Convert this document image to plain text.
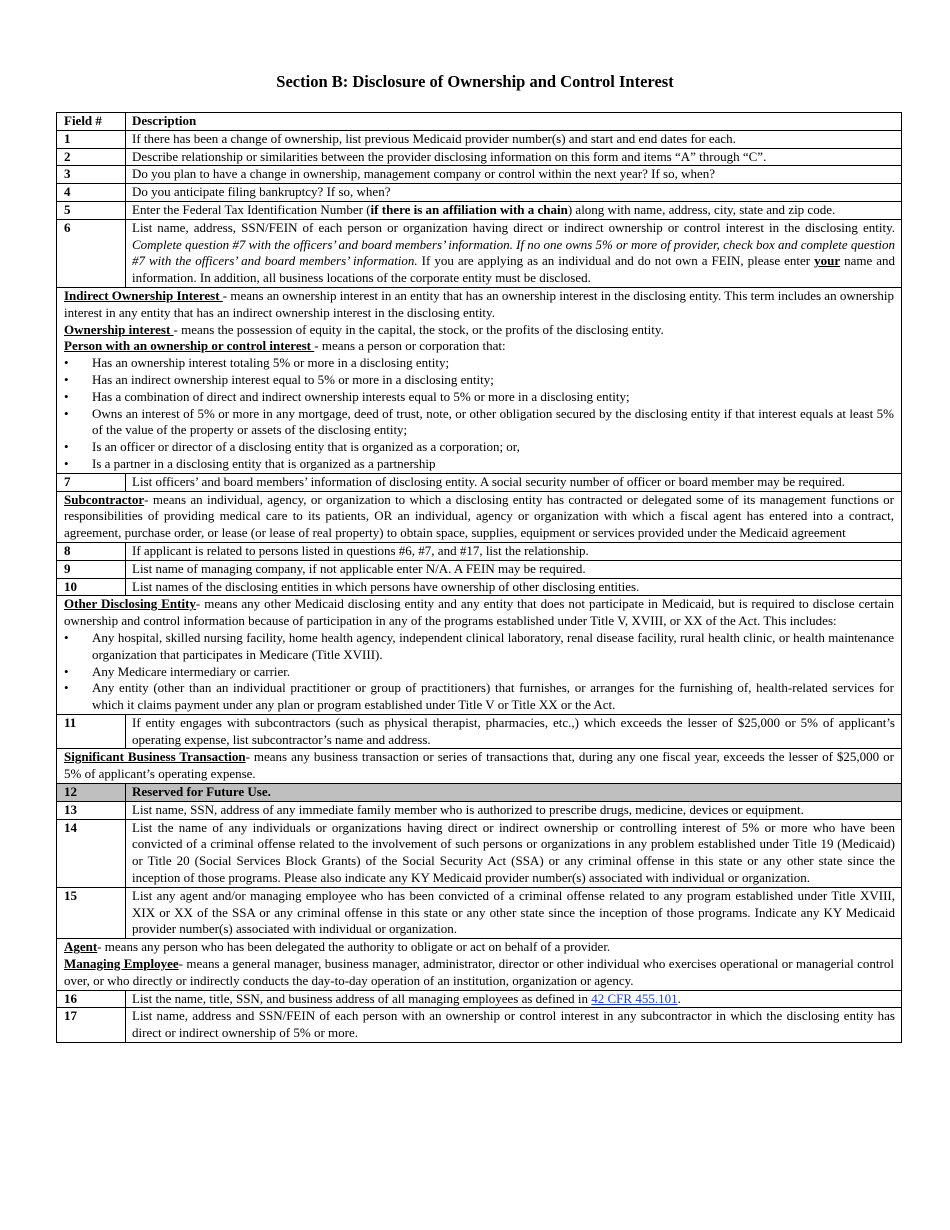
Section B: Disclosure of Ownership and Control Interest
Field #	Description
1	If there has been a change of ownership, list previous Medicaid provider number(s) and start and end dates for each.
2	Describe relationship or similarities between the provider disclosing information on this form and items “A” through “C”.
3	Do you plan to have a change in ownership, management company or control within the next year? If so, when?
4	Do you anticipate filing bankruptcy? If so, when?
5	Enter the Federal Tax Identification Number (if there is an affiliation with a chain) along with name, address, city, state and zip code.
6	List name, address, SSN/FEIN of each person or organization having direct or indirect ownership or control interest in the disclosing entity. Complete question #7 with the officers’ and board members’ information. If no one owns 5% or more of provider, check box and complete question #7 with the officers’ and board members’ information. If you are applying as an individual and do not own a FEIN, please enter your name and information. In addition, all business locations of the corporate entity must be disclosed.
Indirect Ownership Interest - means an ownership interest in an entity that has an ownership interest in the disclosing entity. This term includes an ownership interest in any entity that has an indirect ownership interest in the disclosing entity.
Ownership interest - means the possession of equity in the capital, the stock, or the profits of the disclosing entity.
Person with an ownership or control interest - means a person or corporation that:
•	Has an ownership interest totaling 5% or more in a disclosing entity;
•	Has an indirect ownership interest equal to 5% or more in a disclosing entity;
•	Has a combination of direct and indirect ownership interests equal to 5% or more in a disclosing entity;
•	Owns an interest of 5% or more in any mortgage, deed of trust, note, or other obligation secured by the disclosing entity if that interest equals at least 5% of the value of the property or assets of the disclosing entity;
•	Is an officer or director of a disclosing entity that is organized as a corporation; or,
•	Is a partner in a disclosing entity that is organized as a partnership
7	List officers’ and board members’ information of disclosing entity. A social security number of officer or board member may be required.
Subcontractor- means an individual, agency, or organization to which a disclosing entity has contracted or delegated some of its management functions or responsibilities of providing medical care to its patients, OR an individual, agency or organization with which a fiscal agent has entered into a contract, agreement, purchase order, or lease (or lease of real property) to obtain space, supplies, equipment or services provided under the Medicaid agreement
8	If applicant is related to persons listed in questions #6, #7, and #17, list the relationship.
9	List name of managing company, if not applicable enter N/A. A FEIN may be required.
10	List names of the disclosing entities in which persons have ownership of other disclosing entities.
Other Disclosing Entity- means any other Medicaid disclosing entity and any entity that does not participate in Medicaid, but is required to disclose certain ownership and control information because of participation in any of the programs established under Title V, XVIII, or XX of the Act. This includes:
•	Any hospital, skilled nursing facility, home health agency, independent clinical laboratory, renal disease facility, rural health clinic, or health maintenance organization that participates in Medicare (Title XVIII).
•	Any Medicare intermediary or carrier.
•	Any entity (other than an individual practitioner or group of practitioners) that furnishes, or arranges for the furnishing of, health-related services for which it claims payment under any plan or program established under Title V or Title XX or the Act.
11	If entity engages with subcontractors (such as physical therapist, pharmacies, etc.,) which exceeds the lesser of $25,000 or 5% of applicant’s operating expense, list subcontractor’s name and address.
Significant Business Transaction- means any business transaction or series of transactions that, during any one fiscal year, exceeds the lesser of $25,000 or 5% of applicant’s operating expense.
12	Reserved for Future Use.
13	List name, SSN, address of any immediate family member who is authorized to prescribe drugs, medicine, devices or equipment.
14	List the name of any individuals or organizations having direct or indirect ownership or controlling interest of 5% or more who have been convicted of a criminal offense related to the involvement of such persons or organizations in any problem established under Title 19 (Medicaid) or Title 20 (Social Services Block Grants) of the Social Security Act (SSA) or any criminal offense in this state or any other state since the inception of those programs. Please also indicate any KY Medicaid provider number(s) associated with individual or organization.
15	List any agent and/or managing employee who has been convicted of a criminal offense related to any program established under Title XVIII, XIX or XX of the SSA or any criminal offense in this state or any other state since the inception of those programs. Indicate any KY Medicaid provider number(s) associated with individual or organization.
Agent- means any person who has been delegated the authority to obligate or act on behalf of a provider.
Managing Employee- means a general manager, business manager, administrator, director or other individual who exercises operational or managerial control over, or who directly or indirectly conducts the day-to-day operation of an institution, organization or agency.
16	List the name, title, SSN, and business address of all managing employees as defined in 42 CFR 455.101.
17	List name, address and SSN/FEIN of each person with an ownership or control interest in any subcontractor in which the disclosing entity has direct or indirect ownership of 5% or more.
